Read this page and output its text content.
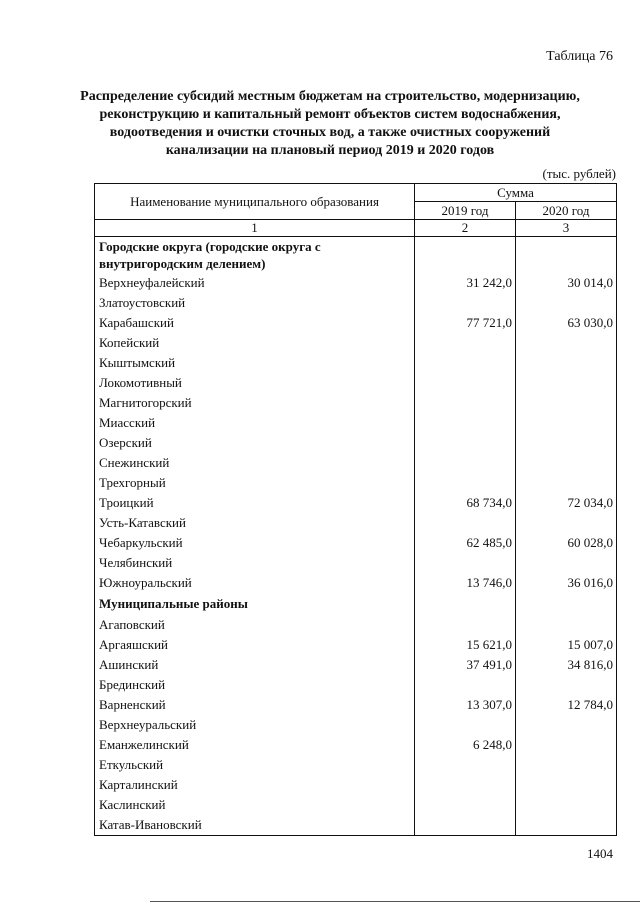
Таблица 76
Распределение субсидий местным бюджетам на строительство, модернизацию, реконструкцию и капитальный ремонт объектов систем водоснабжения, водоотведения и очистки сточных вод, а также очистных сооружений канализации на плановый период 2019 и 2020 годов
(тыс. рублей)
Наименование муниципального образования	Сумма	
	2019 год	2020 год
1	2	3
Городские округа (городские округа с внутригородским делением)		
Верхнеуфалейский	31 242,0	30 014,0
Златоустовский		
Карабашский	77 721,0	63 030,0
Копейский		
Кыштымский		
Локомотивный		
Магнитогорский		
Миасский		
Озерский		
Снежинский		
Трехгорный		
Троицкий	68 734,0	72 034,0
Усть-Катавский		
Чебаркульский	62 485,0	60 028,0
Челябинский		
Южноуральский	13 746,0	36 016,0
Муниципальные районы		
Агаповский		
Аргаяшский	15 621,0	15 007,0
Ашинский	37 491,0	34 816,0
Брединский		
Варненский	13 307,0	12 784,0
Верхнеуральский		
Еманжелинский	6 248,0	
Еткульский		
Карталинский		
Каслинский		
Катав-Ивановский		
1404
